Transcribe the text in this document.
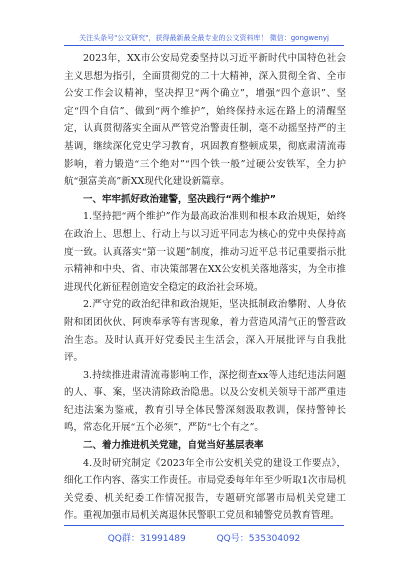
关注头条号"公文研究"，获得最新最全最专业的公文资料库！ 微信：gongwenyj

2023年，XX市公安局党委坚持以习近平新时代中国特色社会主义思想为指引，全面贯彻党的二十大精神，深入贯彻全省、全市公安工作会议精神，坚决捍卫“两个确立”，增强“四个意识”、坚定“四个自信”、做到“两个维护”，始终保持永远在路上的清醒坚定，认真贯彻落实全面从严管党治警责任制，毫不动摇坚持严的主基调，继续深化党史学习教育，巩固教育整顿成果，彻底肃清流毒影响，着力锻造“三个绝对”“四个铁一般”过硬公安铁军，全力护航“强富美高”新XX现代化建设新篇章。

一、牢牢抓好政治建警，坚决践行“两个维护”

1.坚持把“两个维护”作为最高政治准则和根本政治规矩，始终在政治上、思想上、行动上与以习近平同志为核心的党中央保持高度一致。认真落实“第一议题”制度，推动习近平总书记重要指示批示精神和中央、省、市决策部署在XX公安机关落地落实，为全市推进现代化新征程创造安全稳定的政治社会环境。

2.严守党的政治纪律和政治规矩，坚决抵制政治攀附、人身依附和团团伙伙、阿谀奉承等有害现象，着力营造风清气正的警营政治生态。及时认真开好党委民主生活会，深入开展批评与自我批评。

3.持续推进肃清流毒影响工作，深挖彻查xx等人违纪违法问题的人、事、案，坚决清除政治隐患。以及公安机关领导干部严重违纪违法案为鉴戒，教育引导全体民警深刻汲取教训，保持警钟长鸣，常态化开展“五个必须”，严防“七个有之”。

二、着力推进机关党建，自觉当好基层表率

4.及时研究制定《2023年全市公安机关党的建设工作要点》，细化工作内容、落实工作责任。市局党委每年年至少听取1次市局机关党委、机关纪委工作情况报告，专题研究部署市局机关党建工作。重视加强市局机关离退休民警职工党员和辅警党员教育管理。

QQ群：31991489	QQ号：535304092
